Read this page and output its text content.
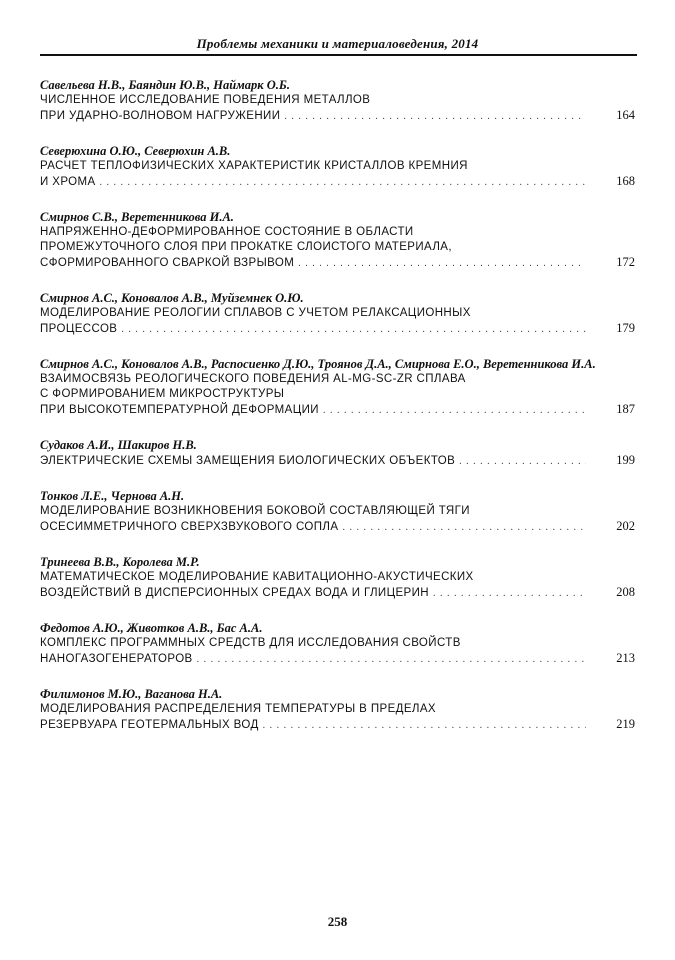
Проблемы механики и материаловедения, 2014
Савельева Н.В., Баяндин Ю.В., Наймарк О.Б.
ЧИСЛЕННОЕ ИССЛЕДОВАНИЕ ПОВЕДЕНИЯ МЕТАЛЛОВ
ПРИ УДАРНО-ВОЛНОВОМ НАГРУЖЕНИИ . . .	164
Северюхина О.Ю., Северюхин А.В.
РАСЧЕТ ТЕПЛОФИЗИЧЕСКИХ ХАРАКТЕРИСТИК КРИСТАЛЛОВ КРЕМНИЯ
И ХРОМА . . .	168
Смирнов С.В., Веретенникова И.А.
НАПРЯЖЕННО-ДЕФОРМИРОВАННОЕ СОСТОЯНИЕ В ОБЛАСТИ
ПРОМЕЖУТОЧНОГО СЛОЯ ПРИ ПРОКАТКЕ СЛОИСТОГО МАТЕРИАЛА,
СФОРМИРОВАННОГО СВАРКОЙ ВЗРЫВОМ . . .	172
Смирнов А.С., Коновалов А.В., Муйземнек О.Ю.
МОДЕЛИРОВАНИЕ РЕОЛОГИИ СПЛАВОВ С УЧЕТОМ РЕЛАКСАЦИОННЫХ
ПРОЦЕССОВ . . .	179
Смирнов А.С., Коновалов А.В., Распосиенко Д.Ю., Троянов Д.А., Смирнова Е.О., Веретенникова И.А.
ВЗАИМОСВЯЗЬ РЕОЛОГИЧЕСКОГО ПОВЕДЕНИЯ AL-MG-SC-ZR СПЛАВА
С ФОРМИРОВАНИЕМ МИКРОСТРУКТУРЫ
ПРИ ВЫСОКОТЕМПЕРАТУРНОЙ ДЕФОРМАЦИИ . . .	187
Судаков А.И., Шакиров Н.В.
ЭЛЕКТРИЧЕСКИЕ СХЕМЫ ЗАМЕЩЕНИЯ БИОЛОГИЧЕСКИХ ОБЪЕКТОВ . . .	199
Тонков Л.Е., Чернова А.Н.
МОДЕЛИРОВАНИЕ ВОЗНИКНОВЕНИЯ БОКОВОЙ СОСТАВЛЯЮЩЕЙ ТЯГИ
ОСЕСИММЕТРИЧНОГО СВЕРХЗВУКОВОГО СОПЛА . . .	202
Тринеева В.В., Королева М.Р.
МАТЕМАТИЧЕСКОЕ МОДЕЛИРОВАНИЕ КАВИТАЦИОННО-АКУСТИЧЕСКИХ
ВОЗДЕЙСТВИЙ В ДИСПЕРСИОННЫХ СРЕДАХ ВОДА И ГЛИЦЕРИН . . .	208
Федотов А.Ю., Животков А.В., Бас А.А.
КОМПЛЕКС ПРОГРАММНЫХ СРЕДСТВ ДЛЯ ИССЛЕДОВАНИЯ СВОЙСТВ
НАНОГАЗОГЕНЕРАТОРОВ . . .	213
Филимонов М.Ю., Ваганова Н.А.
МОДЕЛИРОВАНИЯ РАСПРЕДЕЛЕНИЯ ТЕМПЕРАТУРЫ В ПРЕДЕЛАХ
РЕЗЕРВУАРА ГЕОТЕРМАЛЬНЫХ ВОД . . .	219
258
